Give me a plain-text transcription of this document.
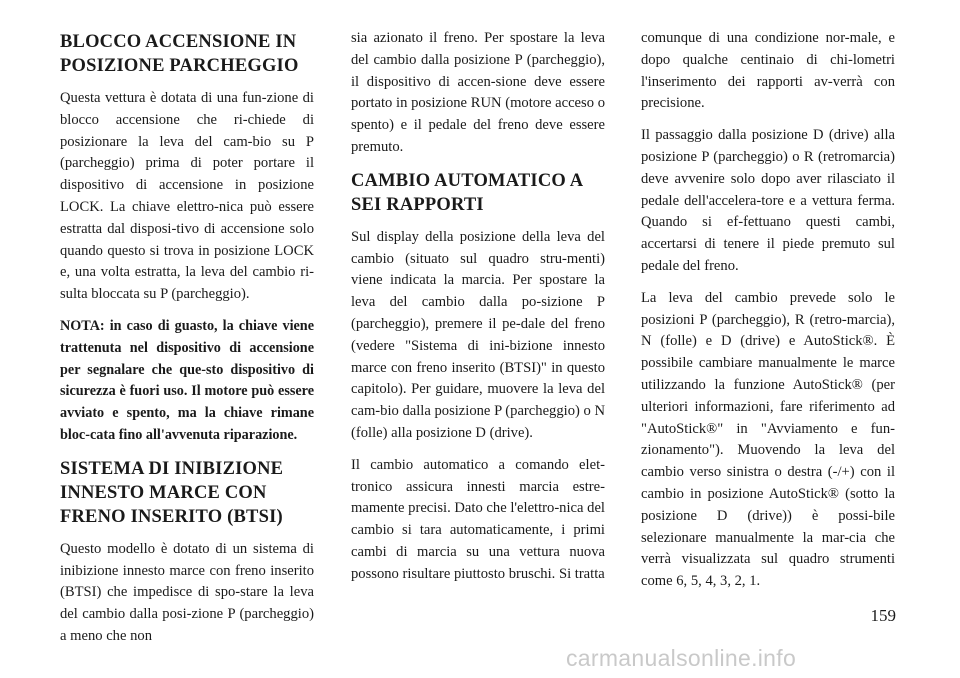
BLOCCO ACCENSIONE IN
POSIZIONE PARCHEGGIO

Questa vettura è dotata di una fun-zione di blocco accensione che ri-chiede di posizionare la leva del cam-bio su P (parcheggio) prima di poter portare il dispositivo di accensione in posizione LOCK. La chiave elettro-nica può essere estratta dal disposi-tivo di accensione solo quando questo si trova in posizione LOCK e, una volta estratta, la leva del cambio ri-sulta bloccata su P (parcheggio).

NOTA: in caso di guasto, la chiave viene trattenuta nel dispositivo di accensione per segnalare che que-sto dispositivo di sicurezza è fuori uso. Il motore può essere avviato e spento, ma la chiave rimane bloc-cata fino all'avvenuta riparazione.

SISTEMA DI INIBIZIONE
INNESTO MARCE CON
FRENO INSERITO (BTSI)

Questo modello è dotato di un sistema di inibizione innesto marce con freno inserito (BTSI) che impedisce di spo-stare la leva del cambio dalla posi-zione P (parcheggio) a meno che non

sia azionato il freno. Per spostare la leva del cambio dalla posizione P (parcheggio), il dispositivo di accen-sione deve essere portato in posizione RUN (motore acceso o spento) e il pedale del freno deve essere premuto.

CAMBIO AUTOMATICO A
SEI RAPPORTI

Sul display della posizione della leva del cambio (situato sul quadro stru-menti) viene indicata la marcia. Per spostare la leva del cambio dalla po-sizione P (parcheggio), premere il pe-dale del freno (vedere "Sistema di ini-bizione innesto marce con freno inserito (BTSI)" in questo capitolo). Per guidare, muovere la leva del cam-bio dalla posizione P (parcheggio) o N (folle) alla posizione D (drive).

Il cambio automatico a comando elet-tronico assicura innesti marcia estre-mamente precisi. Dato che l'elettro-nica del cambio si tara automaticamente, i primi cambi di marcia su una vettura nuova possono risultare piuttosto bruschi. Si tratta

comunque di una condizione nor-male, e dopo qualche centinaio di chi-lometri l'inserimento dei rapporti av-verrà con precisione.

Il passaggio dalla posizione D (drive) alla posizione P (parcheggio) o R (retromarcia) deve avvenire solo dopo aver rilasciato il pedale dell'accelera-tore e a vettura ferma. Quando si ef-fettuano questi cambi, accertarsi di tenere il piede premuto sul pedale del freno.

La leva del cambio prevede solo le posizioni P (parcheggio), R (retro-marcia), N (folle) e D (drive) e AutoStick®. È possibile cambiare manualmente le marce utilizzando la funzione AutoStick® (per ulteriori informazioni, fare riferimento ad "AutoStick®" in "Avviamento e fun-zionamento"). Muovendo la leva del cambio verso sinistra o destra (-/+) con il cambio in posizione AutoStick® (sotto la posizione D (drive)) è possi-bile selezionare manualmente la mar-cia che verrà visualizzata sul quadro strumenti come 6, 5, 4, 3, 2, 1.

159
carmanualsonline.info
